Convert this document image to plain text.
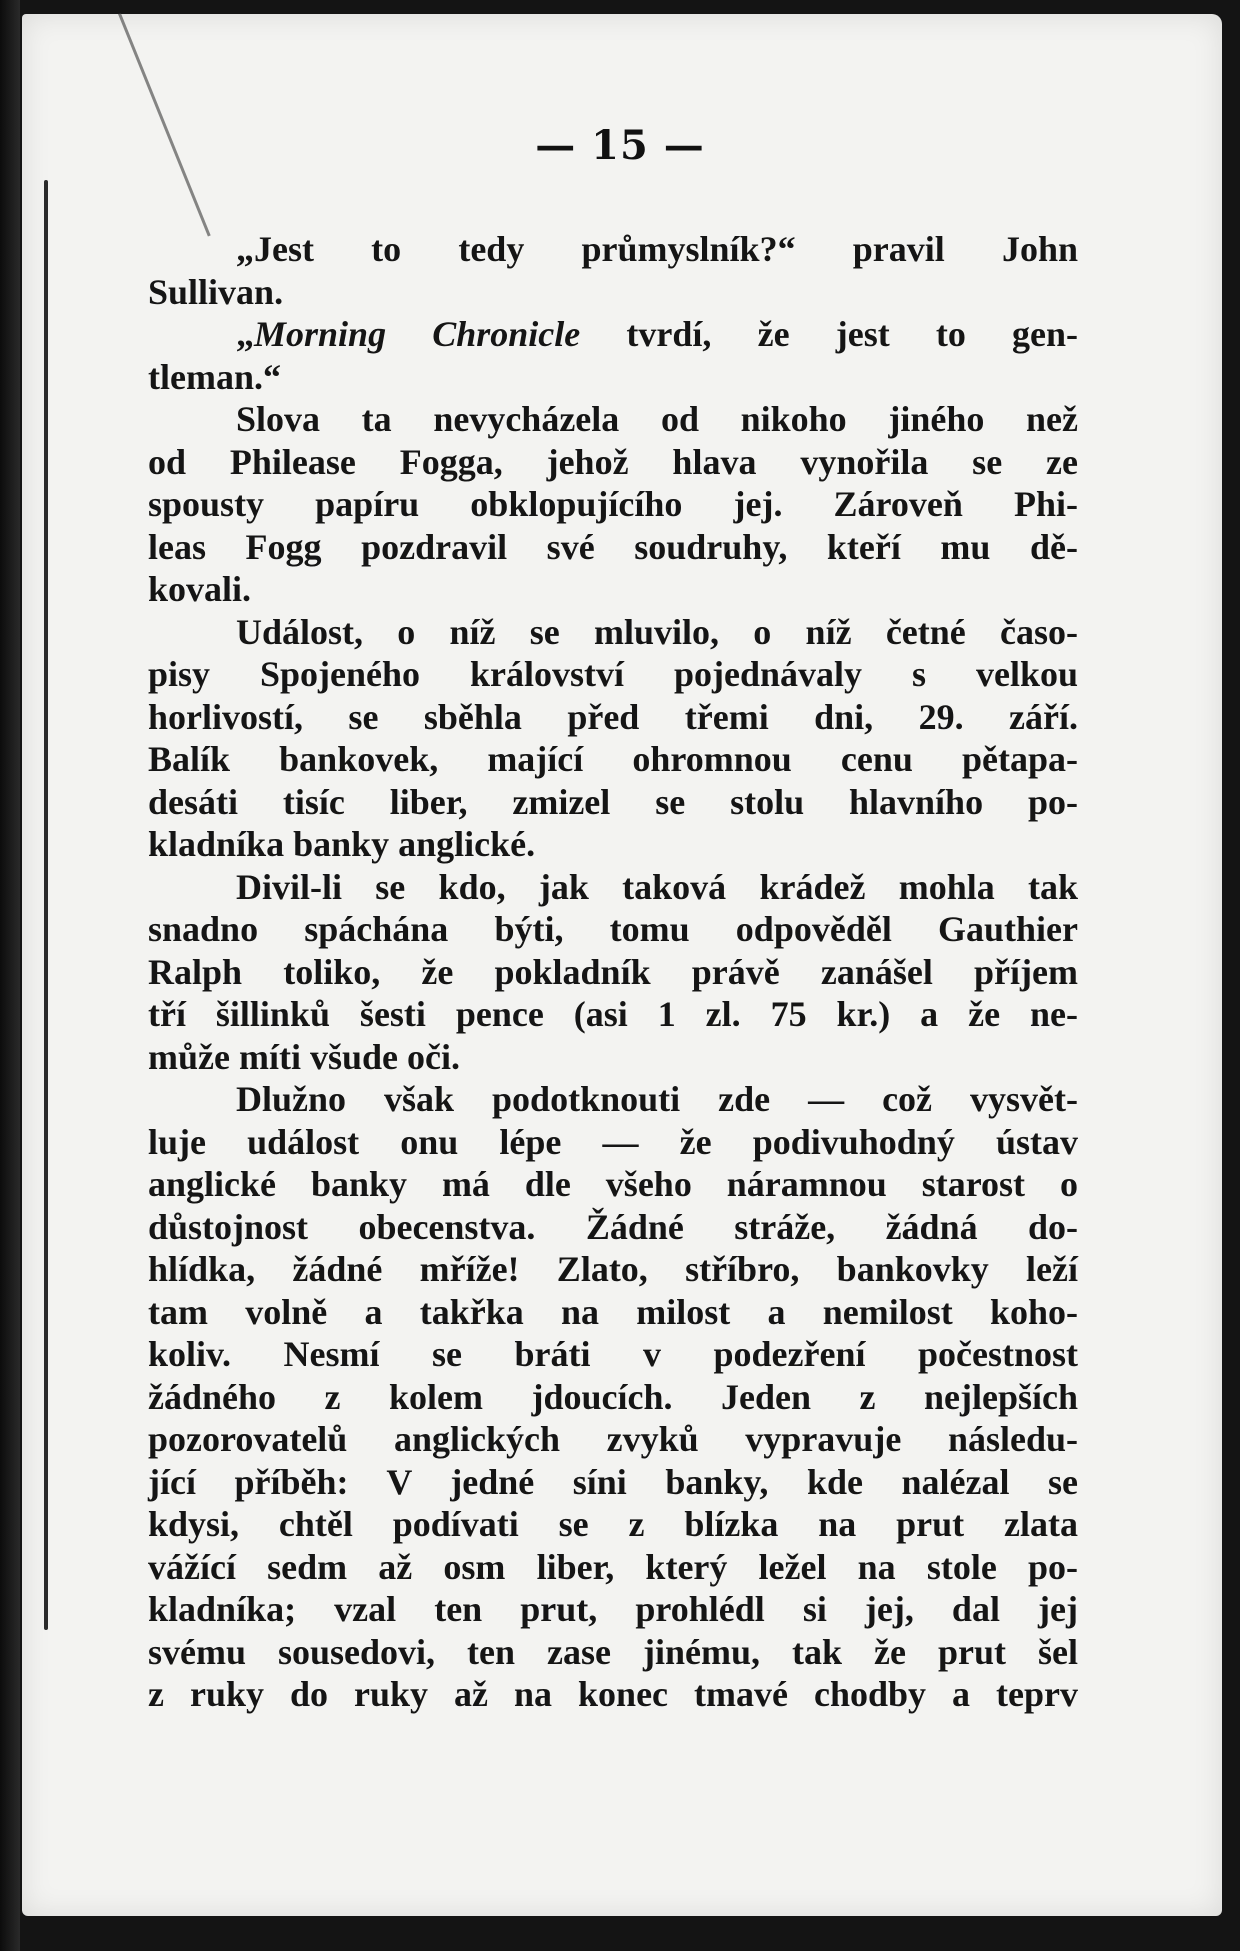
— 15 —
„Jest to tedy průmyslník?“ pravil John
Sullivan.
„Morning Chronicle tvrdí, že jest to gen-
tleman.“
Slova ta nevycházela od nikoho jiného než
od Philease Fogga, jehož hlava vynořila se ze
spousty papíru obklopujícího jej. Zároveň Phi-
leas Fogg pozdravil své soudruhy, kteří mu dě-
kovali.
Událost, o níž se mluvilo, o níž četné časo-
pisy Spojeného království pojednávaly s velkou
horlivostí, se sběhla před třemi dni, 29. září.
Balík bankovek, mající ohromnou cenu pětapa-
desáti tisíc liber, zmizel se stolu hlavního po-
kladníka banky anglické.
Divil-li se kdo, jak taková krádež mohla tak
snadno spáchána býti, tomu odpověděl Gauthier
Ralph toliko, že pokladník právě zanášel příjem
tří šillinků šesti pence (asi 1 zl. 75 kr.) a že ne-
může míti všude oči.
Dlužno však podotknouti zde — což vysvět-
luje událost onu lépe — že podivuhodný ústav
anglické banky má dle všeho náramnou starost o
důstojnost obecenstva. Žádné stráže, žádná do-
hlídka, žádné mříže! Zlato, stříbro, bankovky leží
tam volně a takřka na milost a nemilost koho-
koliv. Nesmí se bráti v podezření počestnost
žádného z kolem jdoucích. Jeden z nejlepších
pozorovatelů anglických zvyků vypravuje následu-
jící příběh: V jedné síni banky, kde nalézal se
kdysi, chtěl podívati se z blízka na prut zlata
vážící sedm až osm liber, který ležel na stole po-
kladníka; vzal ten prut, prohlédl si jej, dal jej
svému sousedovi, ten zase jinému, tak že prut šel
z ruky do ruky až na konec tmavé chodby a teprv
